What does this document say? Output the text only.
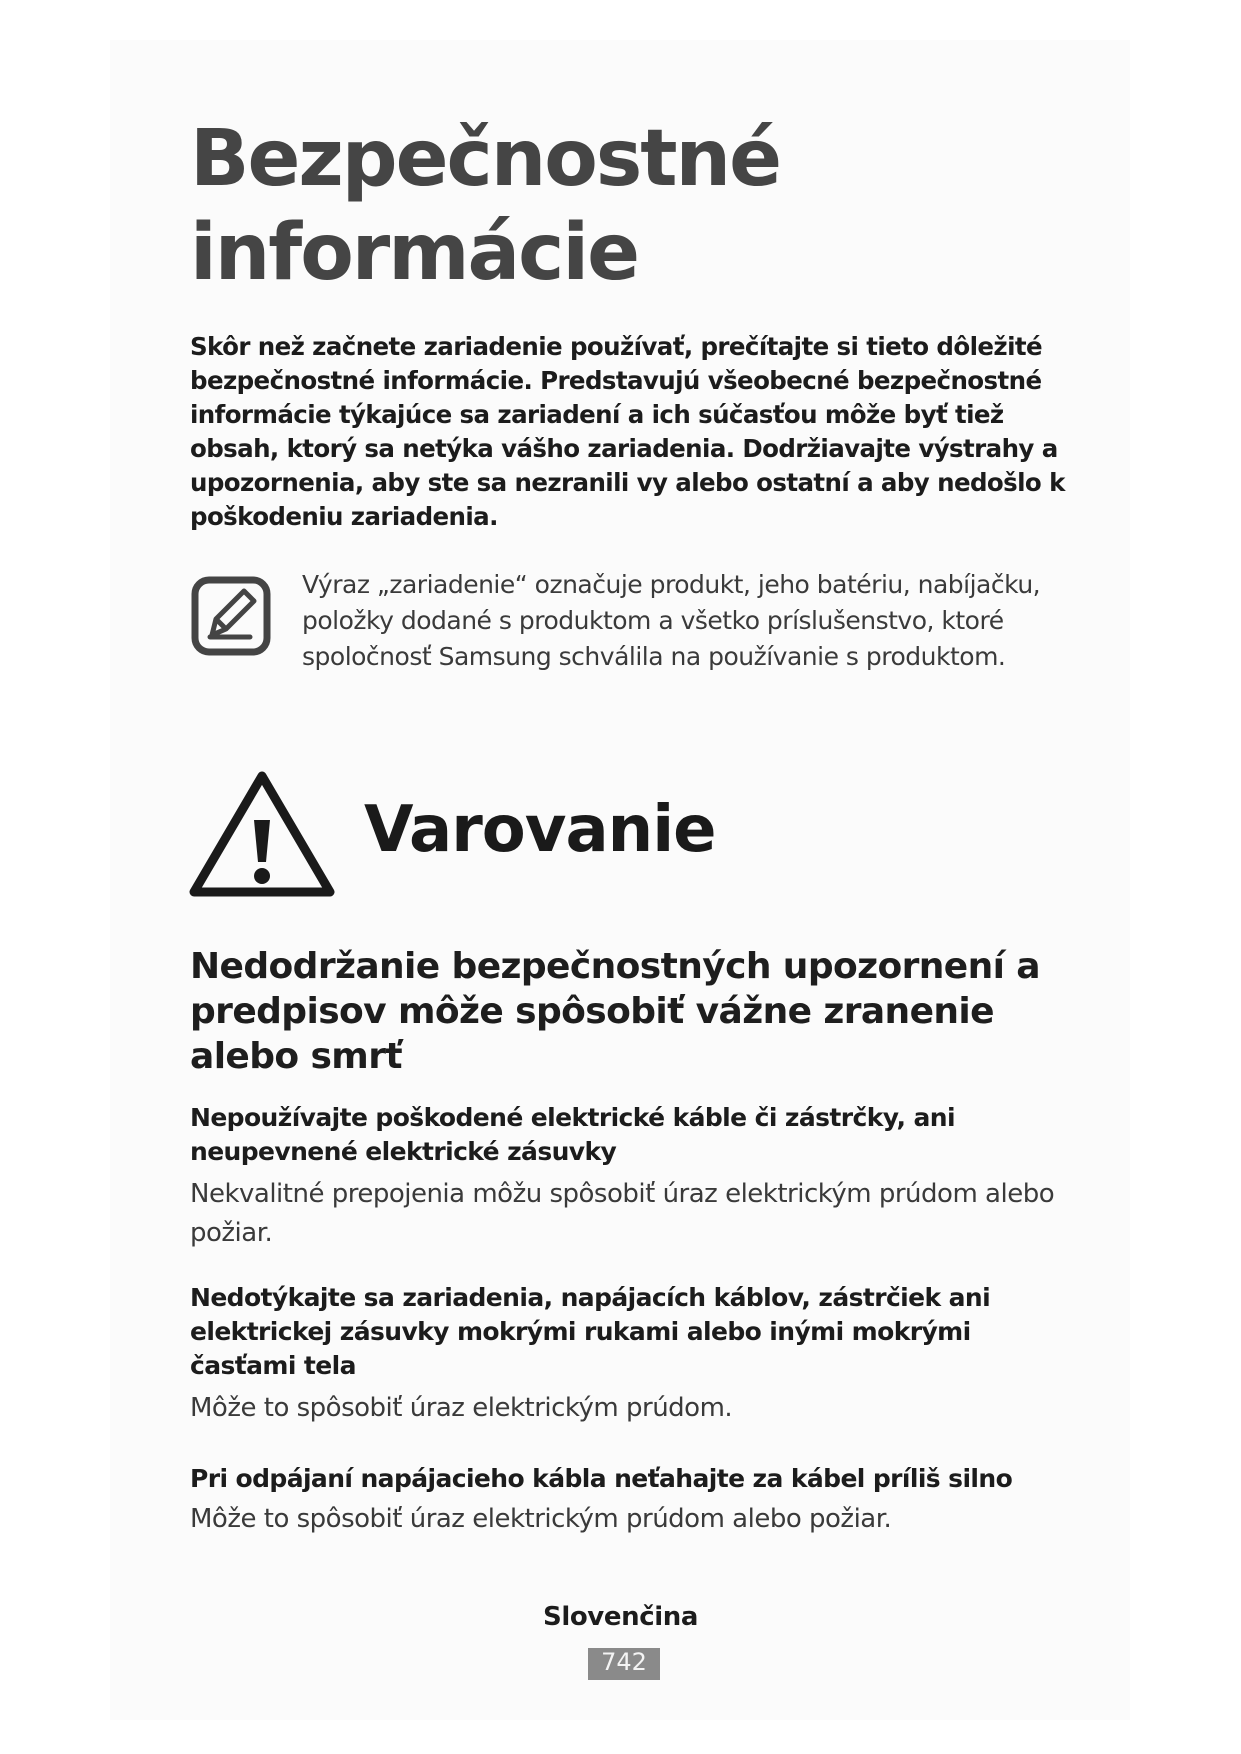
Bezpečnostné
informácie

Skôr než začnete zariadenie používať, prečítajte si tieto dôležité bezpečnostné informácie. Predstavujú všeobecné bezpečnostné informácie týkajúce sa zariadení a ich súčasťou môže byť tiež obsah, ktorý sa netýka vášho zariadenia. Dodržiavajte výstrahy a upozornenia, aby ste sa nezranili vy alebo ostatní a aby nedošlo k poškodeniu zariadenia.

Výraz „zariadenie“ označuje produkt, jeho batériu, nabíjačku, položky dodané s produktom a všetko príslušenstvo, ktoré spoločnosť Samsung schválila na používanie s produktom.

Varovanie
Nedodržanie bezpečnostných upozornení a predpisov môže spôsobiť vážne zranenie alebo smrť

Nepoužívajte poškodené elektrické káble či zástrčky, ani neupevnené elektrické zásuvky

Nekvalitné prepojenia môžu spôsobiť úraz elektrickým prúdom alebo požiar.

Nedotýkajte sa zariadenia, napájacích káblov, zástrčiek ani elektrickej zásuvky mokrými rukami alebo inými mokrými časťami tela

Môže to spôsobiť úraz elektrickým prúdom.

Pri odpájaní napájacieho kábla neťahajte za kábel príliš silno

Môže to spôsobiť úraz elektrickým prúdom alebo požiar.

Slovenčina
742
